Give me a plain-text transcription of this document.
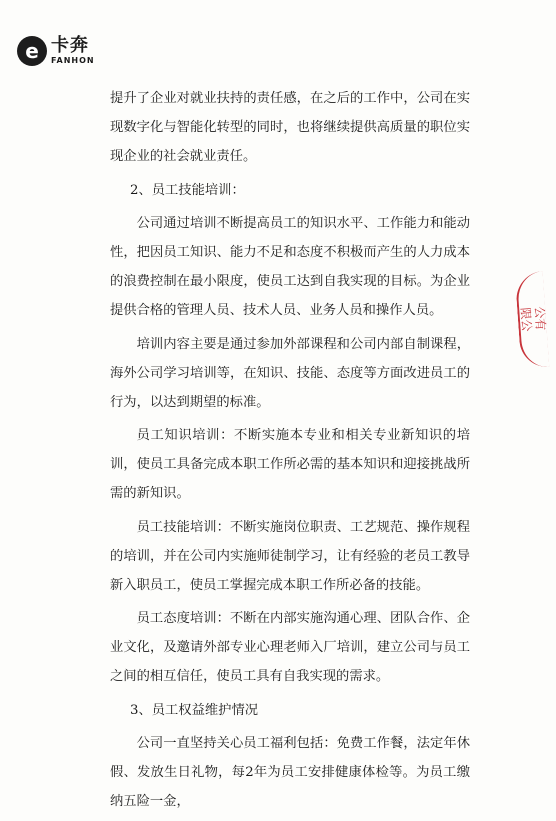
e 卡奔
FANHON

提升了企业对就业扶持的责任感，在之后的工作中，公司在实现数字化与智能化转型的同时，也将继续提供高质量的职位实现企业的社会就业责任。

2、员工技能培训：

公司通过培训不断提高员工的知识水平、工作能力和能动性，把因员工知识、能力不足和态度不积极而产生的人力成本的浪费控制在最小限度，使员工达到自我实现的目标。为企业提供合格的管理人员、技术人员、业务人员和操作人员。

培训内容主要是通过参加外部课程和公司内部自制课程，海外公司学习培训等，在知识、技能、态度等方面改进员工的行为，以达到期望的标准。

员工知识培训：不断实施本专业和相关专业新知识的培训，使员工具备完成本职工作所必需的基本知识和迎接挑战所需的新知识。

员工技能培训：不断实施岗位职责、工艺规范、操作规程的培训，并在公司内实施师徒制学习，让有经验的老员工教导新入职员工，使员工掌握完成本职工作所必备的技能。

员工态度培训：不断在内部实施沟通心理、团队合作、企业文化，及邀请外部专业心理老师入厂培训，建立公司与员工之间的相互信任，使员工具有自我实现的需求。

3、员工权益维护情况

公司一直坚持关心员工福利包括：免费工作餐，法定年休假、发放生日礼物，每2年为员工安排健康体检等。为员工缴纳五险一金，

公有限公
